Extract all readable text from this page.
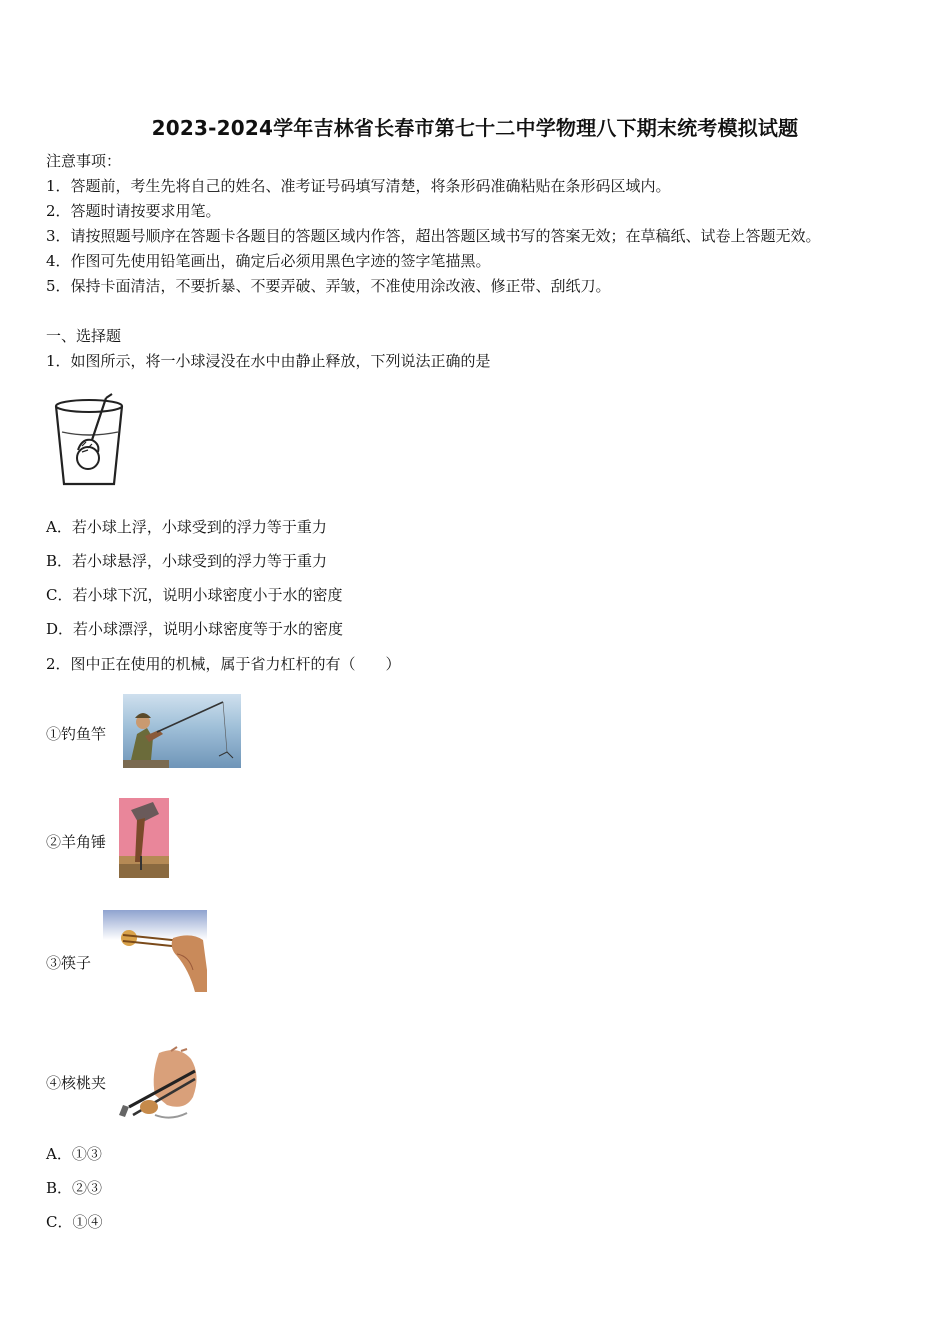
2023-2024学年吉林省长春市第七十二中学物理八下期末统考模拟试题
注意事项：
1．答题前，考生先将自己的姓名、准考证号码填写清楚，将条形码准确粘贴在条形码区域内。
2．答题时请按要求用笔。
3．请按照题号顺序在答题卡各题目的答题区域内作答，超出答题区域书写的答案无效；在草稿纸、试卷上答题无效。
4．作图可先使用铅笔画出，确定后必须用黑色字迹的签字笔描黑。
5．保持卡面清洁，不要折暴、不要弄破、弄皱，不准使用涂改液、修正带、刮纸刀。
一、选择题
1．如图所示，将一小球浸没在水中由静止释放，下列说法正确的是
A．若小球上浮，小球受到的浮力等于重力
B．若小球悬浮，小球受到的浮力等于重力
C．若小球下沉，说明小球密度小于水的密度
D．若小球漂浮，说明小球密度等于水的密度
2．图中正在使用的机械，属于省力杠杆的有（　　）
①钓鱼竿
②羊角锤
③筷子
④核桃夹
A．①③
B．②③
C．①④
